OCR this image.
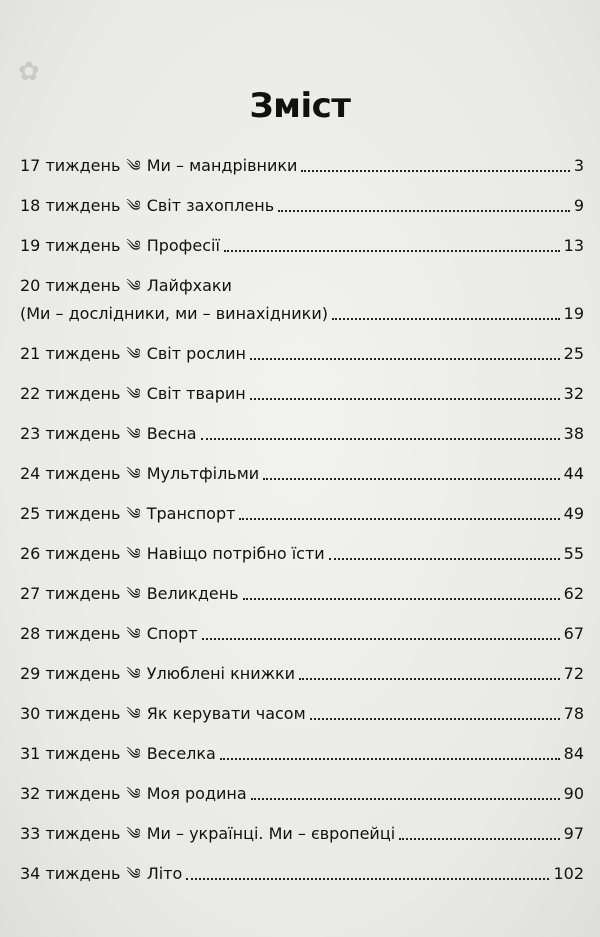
✿
Зміст
17 тиждень ༄ Ми – мандрівники	3
18 тиждень ༄ Світ захоплень	9
19 тиждень ༄ Професії	13
20 тиждень ༄ Лайфхаки
(Ми – дослідники, ми – винахідники)	19
21 тиждень ༄ Світ рослин	25
22 тиждень ༄ Світ тварин	32
23 тиждень ༄ Весна	38
24 тиждень ༄ Мультфільми	44
25 тиждень ༄ Транспорт	49
26 тиждень ༄ Навіщо потрібно їсти	55
27 тиждень ༄ Великдень	62
28 тиждень ༄ Спорт	67
29 тиждень ༄ Улюблені книжки	72
30 тиждень ༄ Як керувати часом	78
31 тиждень ༄ Веселка	84
32 тиждень ༄ Моя родина	90
33 тиждень ༄ Ми – українці. Ми – європейці	97
34 тиждень ༄ Літо	102
